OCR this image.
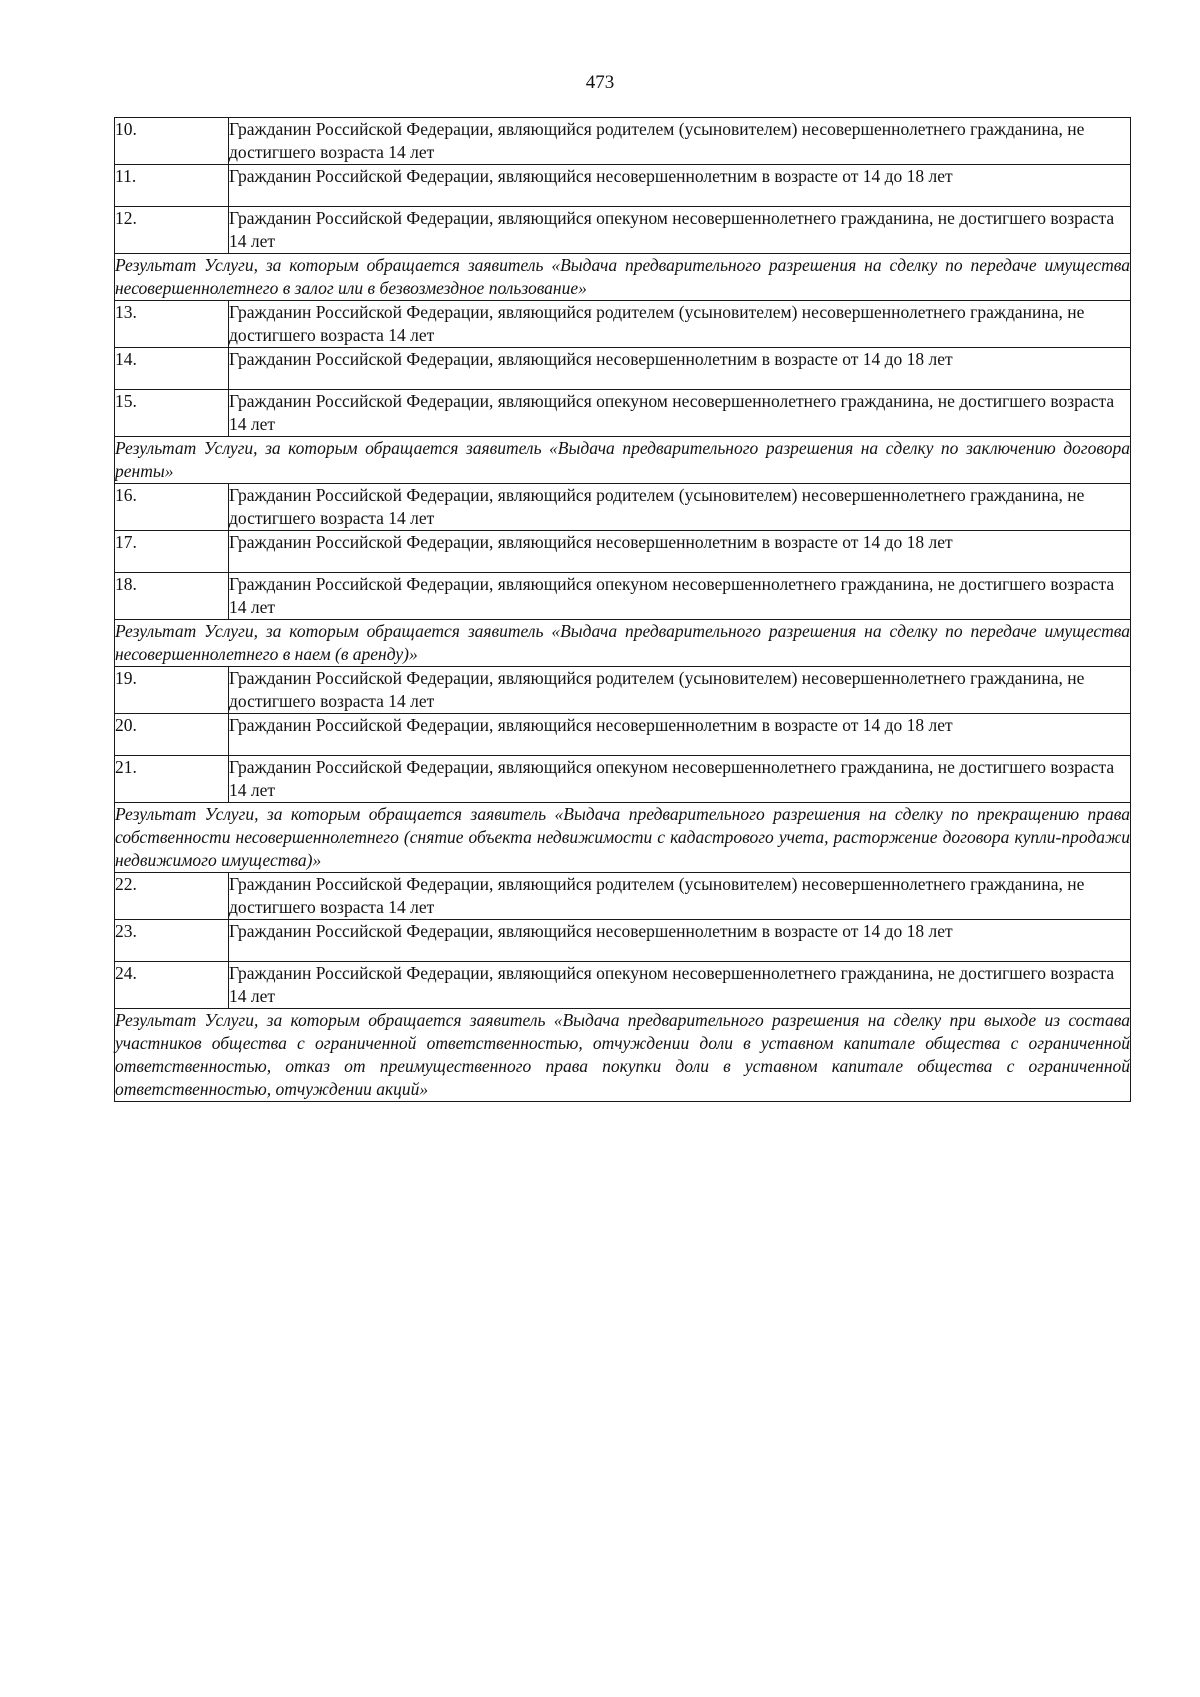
473
10.	Гражданин Российской Федерации, являющийся родителем (усыновителем) несовершеннолетнего гражданина, не достигшего возраста 14 лет

11.	Гражданин Российской Федерации, являющийся несовершеннолетним в возрасте от 14 до 18 лет

12.	Гражданин Российской Федерации, являющийся опекуном несовершеннолетнего гражданина, не достигшего возраста 14 лет
Результат Услуги, за которым обращается заявитель «Выдача предварительного разрешения на сделку по передаче имущества несовершеннолетнего в залог или в безвозмездное пользование»	

13.	Гражданин Российской Федерации, являющийся родителем (усыновителем) несовершеннолетнего гражданина, не достигшего возраста 14 лет

14.	Гражданин Российской Федерации, являющийся несовершеннолетним в возрасте от 14 до 18 лет

15.	Гражданин Российской Федерации, являющийся опекуном несовершеннолетнего гражданина, не достигшего возраста 14 лет
Результат Услуги, за которым обращается заявитель «Выдача предварительного разрешения на сделку по заключению договора ренты»	

16.	Гражданин Российской Федерации, являющийся родителем (усыновителем) несовершеннолетнего гражданина, не достигшего возраста 14 лет

17.	Гражданин Российской Федерации, являющийся несовершеннолетним в возрасте от 14 до 18 лет

18.	Гражданин Российской Федерации, являющийся опекуном несовершеннолетнего гражданина, не достигшего возраста 14 лет
Результат Услуги, за которым обращается заявитель «Выдача предварительного разрешения на сделку по передаче имущества несовершеннолетнего в наем (в аренду)»	

19.	Гражданин Российской Федерации, являющийся родителем (усыновителем) несовершеннолетнего гражданина, не достигшего возраста 14 лет

20.	Гражданин Российской Федерации, являющийся несовершеннолетним в возрасте от 14 до 18 лет

21.	Гражданин Российской Федерации, являющийся опекуном несовершеннолетнего гражданина, не достигшего возраста 14 лет
Результат Услуги, за которым обращается заявитель «Выдача предварительного разрешения на сделку по прекращению права собственности несовершеннолетнего (снятие объекта недвижимости с кадастрового учета, расторжение договора купли-продажи недвижимого имущества)»	

22.	Гражданин Российской Федерации, являющийся родителем (усыновителем) несовершеннолетнего гражданина, не достигшего возраста 14 лет

23.	Гражданин Российской Федерации, являющийся несовершеннолетним в возрасте от 14 до 18 лет

24.	Гражданин Российской Федерации, являющийся опекуном несовершеннолетнего гражданина, не достигшего возраста 14 лет
Результат Услуги, за которым обращается заявитель «Выдача предварительного разрешения на сделку при выходе из состава участников общества с ограниченной ответственностью, отчуждении доли в уставном капитале общества с ограниченной ответственностью, отказ от преимущественного права покупки доли в уставном капитале общества с ограниченной ответственностью, отчуждении акций»	
